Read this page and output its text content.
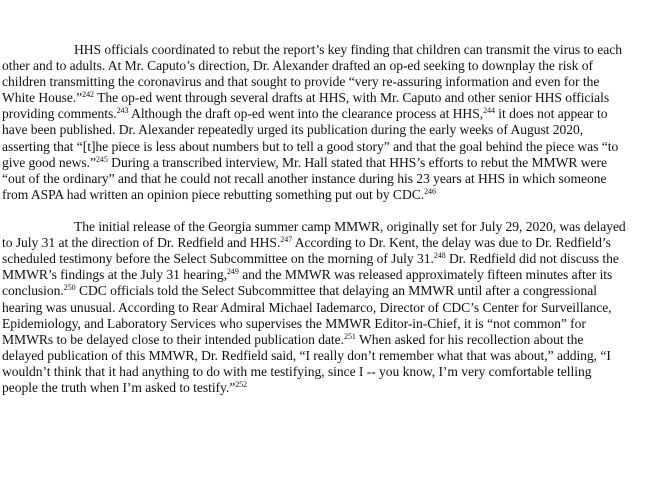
HHS officials coordinated to rebut the report’s key finding that children can transmit the virus to each other and to adults. At Mr. Caputo’s direction, Dr. Alexander drafted an op-ed seeking to downplay the risk of children transmitting the coronavirus and that sought to provide “very re-assuring information and even for the White House.”$^{242}$ The op-ed went through several drafts at HHS, with Mr. Caputo and other senior HHS officials providing comments.$^{243}$ Although the draft op-ed went into the clearance process at HHS,$^{244}$ it does not appear to have been published. Dr. Alexander repeatedly urged its publication during the early weeks of August 2020, asserting that “[t]he piece is less about numbers but to tell a good story” and that the goal behind the piece was “to give good news.”$^{245}$ During a transcribed interview, Mr. Hall stated that HHS’s efforts to rebut the MMWR were “out of the ordinary” and that he could not recall another instance during his 23 years at HHS in which someone from ASPA had written an opinion piece rebutting something put out by CDC.$^{246}$

The initial release of the Georgia summer camp MMWR, originally set for July 29, 2020, was delayed to July 31 at the direction of Dr. Redfield and HHS.$^{247}$ According to Dr. Kent, the delay was due to Dr. Redfield’s scheduled testimony before the Select Subcommittee on the morning of July 31.$^{248}$ Dr. Redfield did not discuss the MMWR’s findings at the July 31 hearing,$^{249}$ and the MMWR was released approximately fifteen minutes after its conclusion.$^{250}$ CDC officials told the Select Subcommittee that delaying an MMWR until after a congressional hearing was unusual. According to Rear Admiral Michael Iademarco, Director of CDC’s Center for Surveillance, Epidemiology, and Laboratory Services who supervises the MMWR Editor-in-Chief, it is “not common” for MMWRs to be delayed close to their intended publication date.$^{251}$ When asked for his recollection about the delayed publication of this MMWR, Dr. Redfield said, “I really don’t remember what that was about,” adding, “I wouldn’t think that it had anything to do with me testifying, since I -- you know, I’m very comfortable telling people the truth when I’m asked to testify.”$^{252}$
